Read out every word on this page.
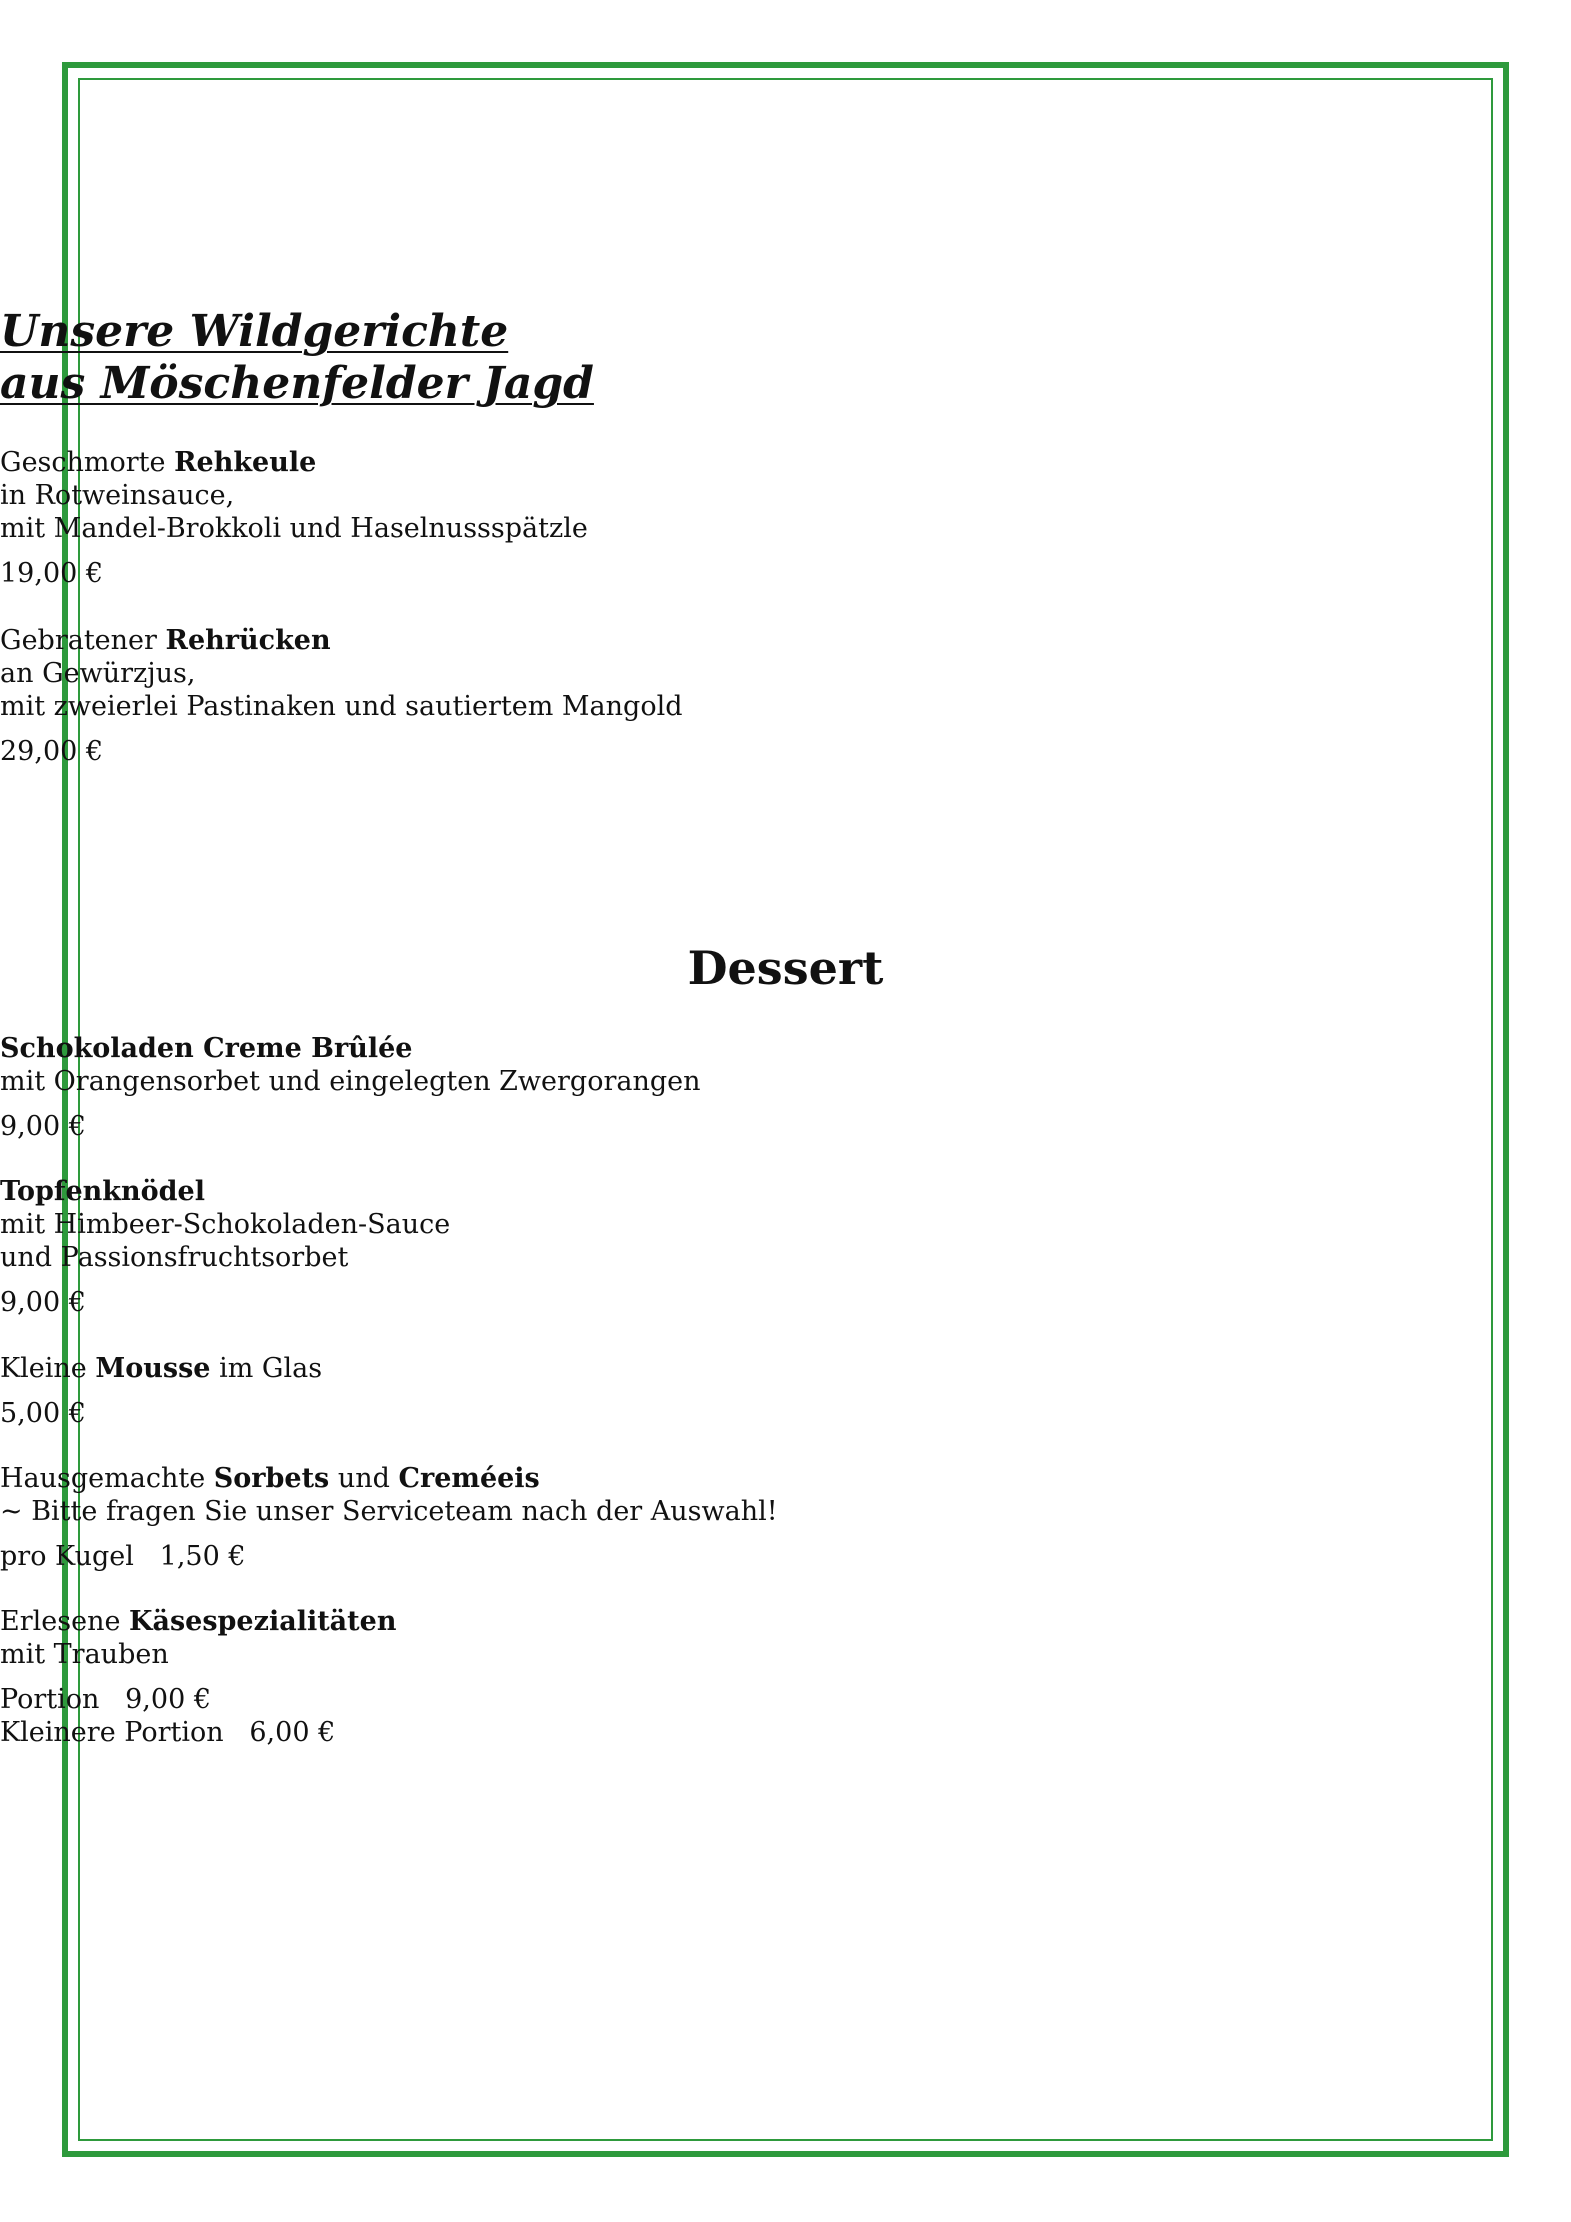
Unsere Wildgerichte
aus Möschenfelder Jagd
Geschmorte Rehkeule
in Rotweinsauce,
mit Mandel-Brokkoli und Haselnussspätzle
19,00 €
Gebratener Rehrücken
an Gewürzjus,
mit zweierlei Pastinaken und sautiertem Mangold
29,00 €
Dessert
Schokoladen Creme Brûlée
mit Orangensorbet und eingelegten Zwergorangen
9,00 €
Topfenknödel
mit Himbeer-Schokoladen-Sauce
und Passionsfruchtsorbet
9,00 €
Kleine Mousse im Glas
5,00 €
Hausgemachte Sorbets und Creméeis
~ Bitte fragen Sie unser Serviceteam nach der Auswahl!
pro Kugel 1,50 €
Erlesene Käsespezialitäten
mit Trauben
Portion 9,00 €
Kleinere Portion 6,00 €
